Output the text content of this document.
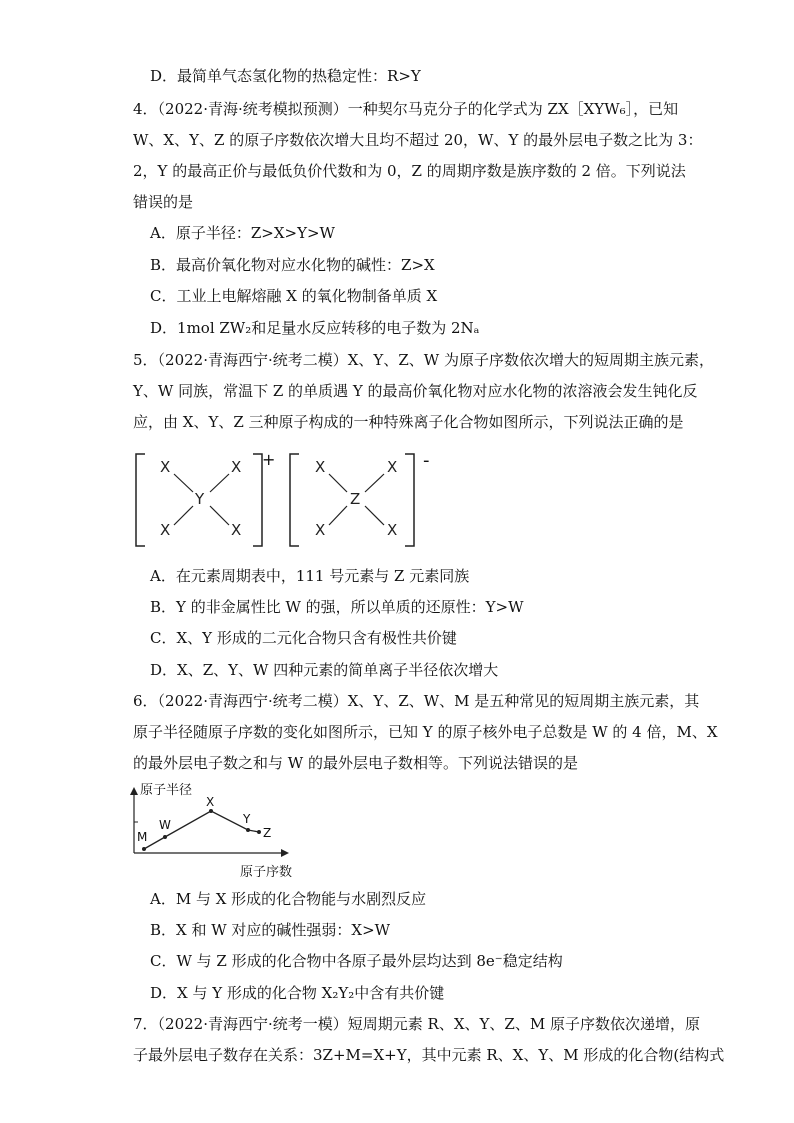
D．最简单气态氢化物的热稳定性：R>Y
4．（2022·青海·统考模拟预测）一种契尔马克分子的化学式为 ZX［XYW₆］，已知
W、X、Y、Z 的原子序数依次增大且均不超过 20，W、Y 的最外层电子数之比为 3：
2，Y 的最高正价与最低负价代数和为 0，Z 的周期序数是族序数的 2 倍。下列说法
错误的是
A．原子半径：Z>X>Y>W
B．最高价氧化物对应水化物的碱性：Z>X
C．工业上电解熔融 X 的氧化物制备单质 X
D．1mol ZW₂和足量水反应转移的电子数为 2Nₐ
5．（2022·青海西宁·统考二模）X、Y、Z、W 为原子序数依次增大的短周期主族元素，
Y、W 同族，常温下 Z 的单质遇 Y 的最高价氧化物对应水化物的浓溶液会发生钝化反
应，由 X、Y、Z 三种原子构成的一种特殊离子化合物如图所示，下列说法正确的是
X	X
Y
X	X
+	X	X
Z
X	X
-
A．在元素周期表中，111 号元素与 Z 元素同族
B．Y 的非金属性比 W 的强，所以单质的还原性：Y>W
C．X、Y 形成的二元化合物只含有极性共价键
D．X、Z、Y、W 四种元素的简单离子半径依次增大
6．（2022·青海西宁·统考二模）X、Y、Z、W、M 是五种常见的短周期主族元素，其
原子半径随原子序数的变化如图所示，已知 Y 的原子核外电子总数是 W 的 4 倍，M、X
的最外层电子数之和与 W 的最外层电子数相等。下列说法错误的是
原子半径
原子序数
M
W
X
Y
Z
A．M 与 X 形成的化合物能与水剧烈反应
B．X 和 W 对应的碱性强弱：X>W
C．W 与 Z 形成的化合物中各原子最外层均达到 8e⁻稳定结构
D．X 与 Y 形成的化合物 X₂Y₂中含有共价键
7．（2022·青海西宁·统考一模）短周期元素 R、X、Y、Z、M 原子序数依次递增，原
子最外层电子数存在关系：3Z+M=X+Y，其中元素 R、X、Y、M 形成的化合物(结构式
